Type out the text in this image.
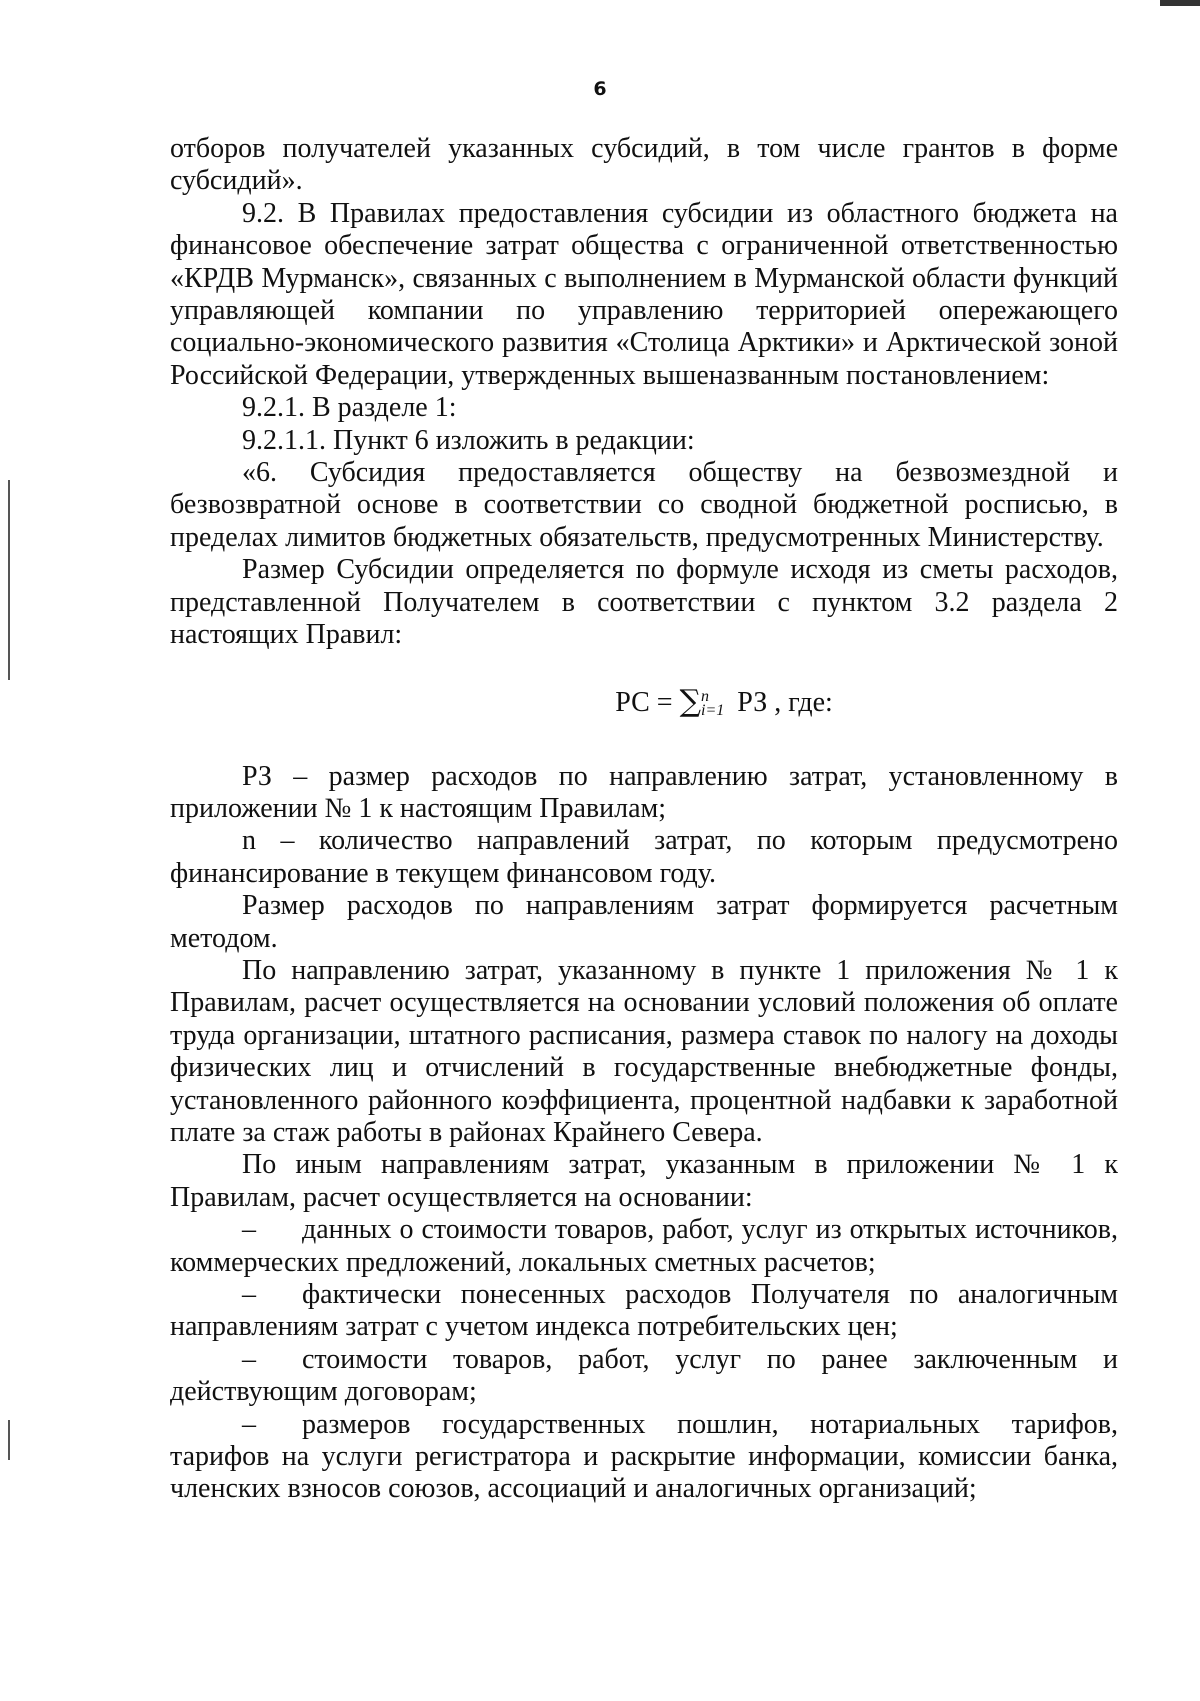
6

отборов получателей указанных субсидий, в том числе грантов в форме субсидий».

9.2. В Правилах предоставления субсидии из областного бюджета на финансовое обеспечение затрат общества с ограниченной ответственностью «КРДВ Мурманск», связанных с выполнением в Мурманской области функций управляющей компании по управлению территорией опережающего социально-экономического развития «Столица Арктики» и Арктической зоной Российской Федерации, утвержденных вышеназванным постановлением:

9.2.1. В разделе 1:

9.2.1.1. Пункт 6 изложить в редакции:

«6. Субсидия предоставляется обществу на безвозмездной и безвозвратной основе в соответствии со сводной бюджетной росписью, в пределах лимитов бюджетных обязательств, предусмотренных Министерству.

Размер Субсидии определяется по формуле исходя из сметы расходов, представленной Получателем в соответствии с пунктом 3.2 раздела 2 настоящих Правил:

РС = ∑ n
i=1 РЗ , где:

РЗ – размер расходов по направлению затрат, установленному в приложении № 1 к настоящим Правилам;

n – количество направлений затрат, по которым предусмотрено финансирование в текущем финансовом году.

Размер расходов по направлениям затрат формируется расчетным методом.

По направлению затрат, указанному в пункте 1 приложения № 1 к Правилам, расчет осуществляется на основании условий положения об оплате труда организации, штатного расписания, размера ставок по налогу на доходы физических лиц и отчислений в государственные внебюджетные фонды, установленного районного коэффициента, процентной надбавки к заработной плате за стаж работы в районах Крайнего Севера.

По иным направлениям затрат, указанным в приложении № 1 к Правилам, расчет осуществляется на основании:

– данных о стоимости товаров, работ, услуг из открытых источников, коммерческих предложений, локальных сметных расчетов;

– фактически понесенных расходов Получателя по аналогичным направлениям затрат с учетом индекса потребительских цен;

– стоимости товаров, работ, услуг по ранее заключенным и действующим договорам;

– размеров государственных пошлин, нотариальных тарифов, тарифов на услуги регистратора и раскрытие информации, комиссии банка, членских взносов союзов, ассоциаций и аналогичных организаций;
